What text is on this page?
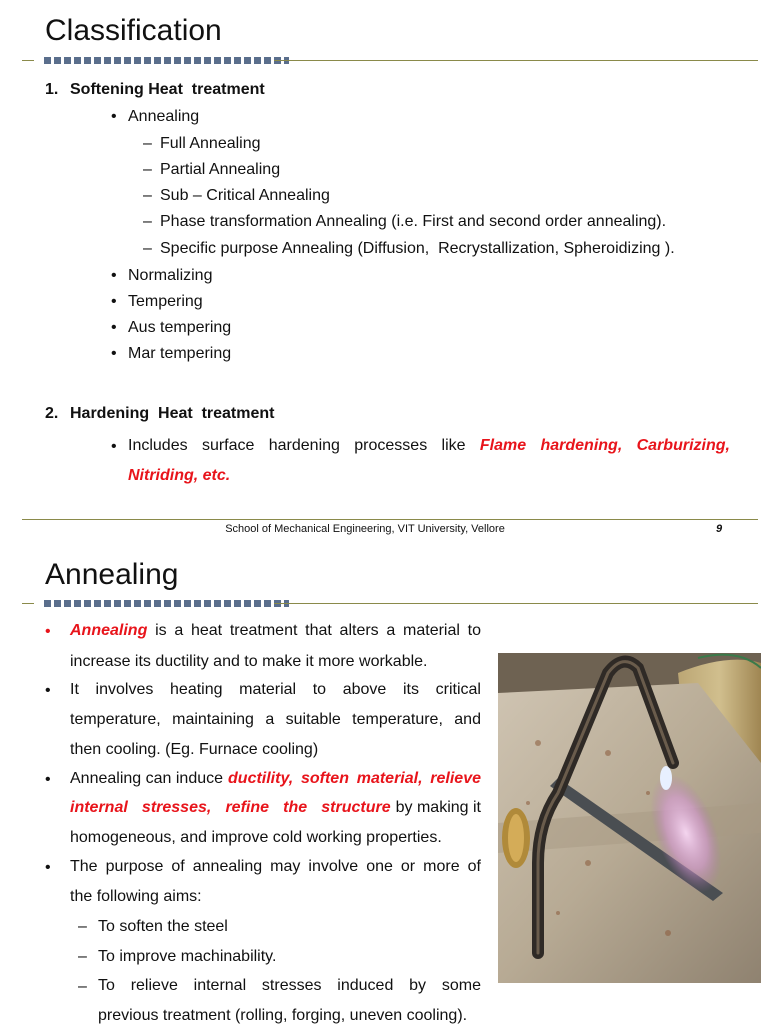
Classification
1. Softening Heat  treatment
• Annealing
– Full Annealing
– Partial Annealing
– Sub – Critical Annealing
– Phase transformation Annealing (i.e. First and second order annealing).
– Specific purpose Annealing (Diffusion,  Recrystallization, Spheroidizing ).
• Normalizing
• Tempering
• Aus tempering
• Mar tempering
2. Hardening  Heat  treatment
• Includes surface hardening processes like Flame hardening, Carburizing,
Nitriding, etc.
School of Mechanical Engineering, VIT University, Vellore	9
Annealing
• Annealing is a heat treatment that alters a material to
increase its ductility and to make it more workable.
• It involves heating material to above its critical
temperature, maintaining a suitable temperature, and
then cooling. (Eg. Furnace cooling)
• Annealing can induce ductility, soften material, relieve
internal stresses, refine the structure by making it
homogeneous, and improve cold working properties.
• The purpose of annealing may involve one or more of
the following aims:
– To soften the steel
– To improve machinability.
– To relieve internal stresses induced by some
previous treatment (rolling, forging, uneven cooling).
